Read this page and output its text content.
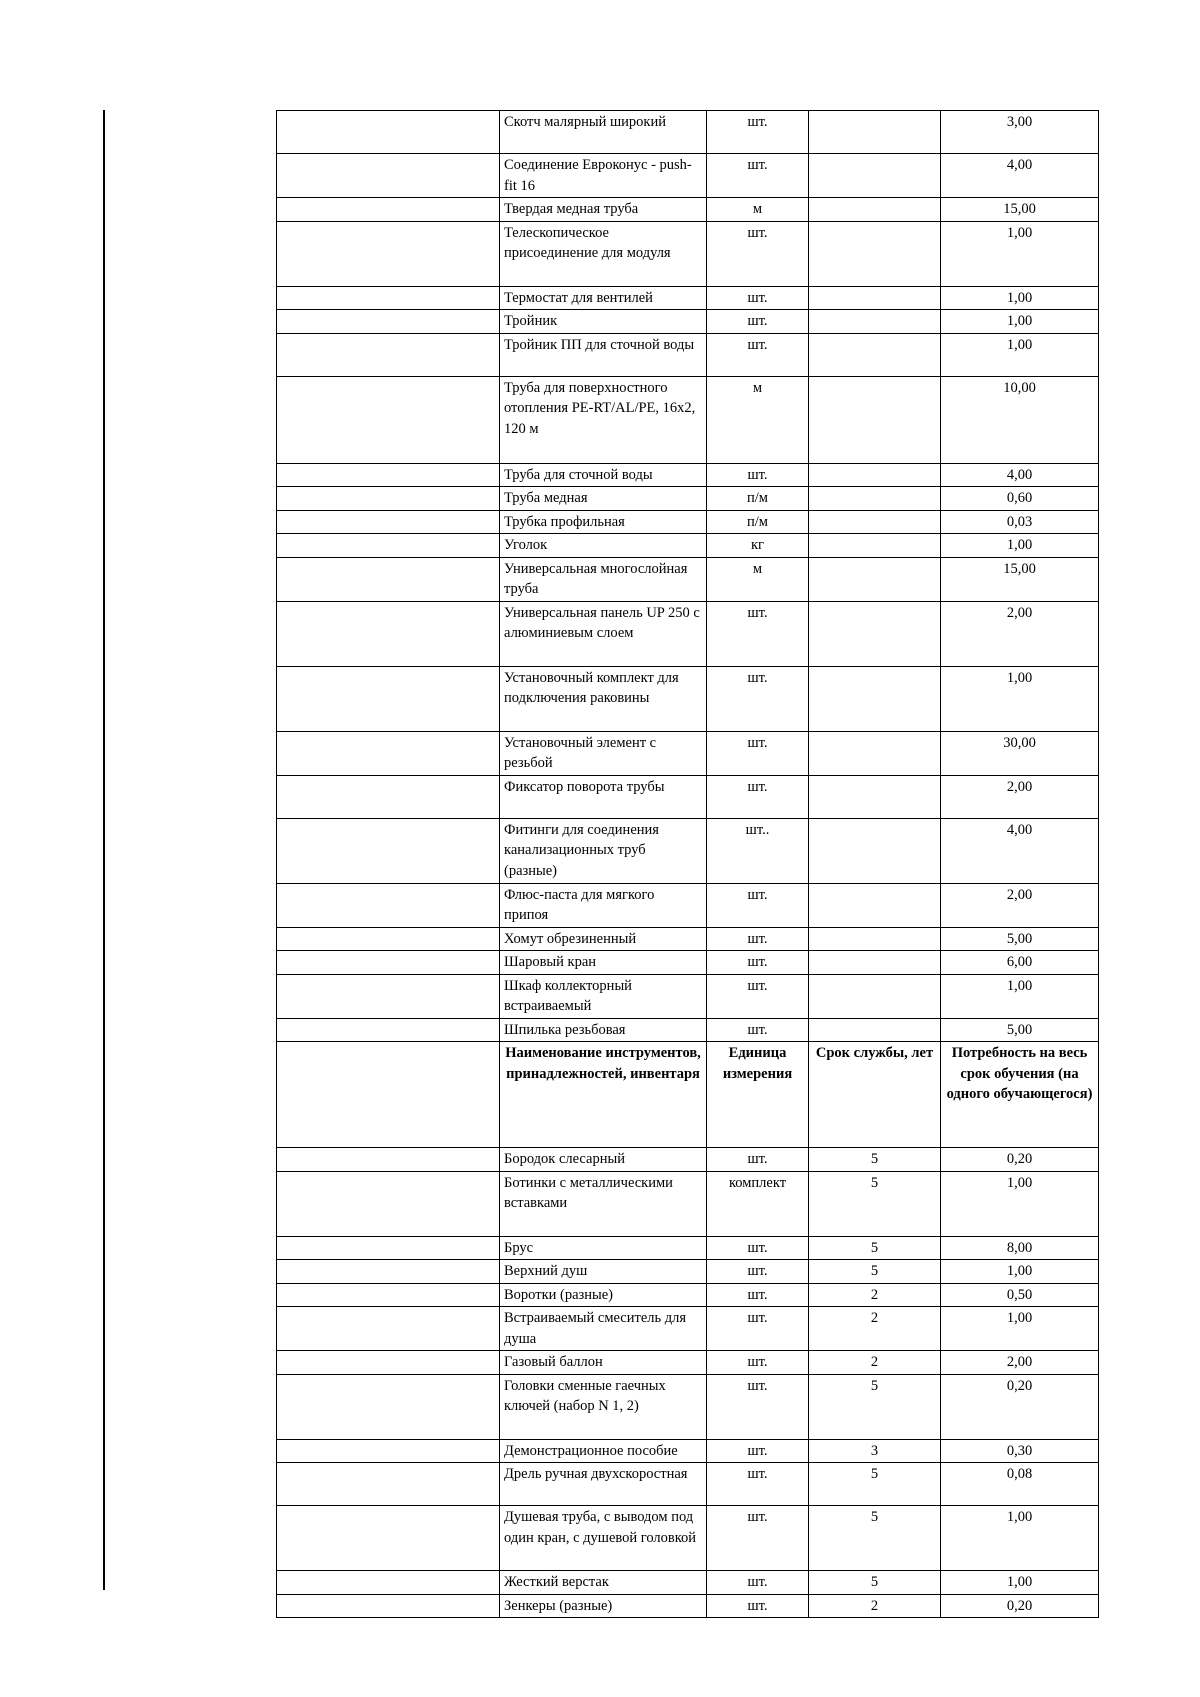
	Скотч малярный широкий	шт.		3,00
	Соединение Евроконус - push-fit 16	шт.		4,00
	Твердая медная труба	м		15,00
	Телескопическое присоединение для модуля	шт.		1,00
	Термостат для вентилей	шт.		1,00
	Тройник	шт.		1,00
	Тройник ПП для сточной воды	шт.		1,00
	Труба для поверхностного отопления PE-RT/AL/PE, 16x2, 120 м	м		10,00
	Труба для сточной воды	шт.		4,00
	Труба медная	п/м		0,60
	Трубка профильная	п/м		0,03
	Уголок	кг		1,00
	Универсальная многослойная труба	м		15,00
	Универсальная панель UP 250 с алюминиевым слоем	шт.		2,00
	Установочный комплект для подключения раковины	шт.		1,00
	Установочный элемент с резьбой	шт.		30,00
	Фиксатор поворота трубы	шт.		2,00
	Фитинги для соединения канализационных труб (разные)	шт..		4,00
	Флюс-паста для мягкого припоя	шт.		2,00
	Хомут обрезиненный	шт.		5,00
	Шаровый кран	шт.		6,00
	Шкаф коллекторный встраиваемый	шт.		1,00
	Шпилька резьбовая	шт.		5,00
	Наименование инструментов, принадлежностей, инвентаря	Единица измерения	Срок службы, лет	Потребность на весь срок обучения (на одного обучающегося)
	Бородок слесарный	шт.	5	0,20
	Ботинки с металлическими вставками	комплект	5	1,00
	Брус	шт.	5	8,00
	Верхний душ	шт.	5	1,00
	Воротки (разные)	шт.	2	0,50
	Встраиваемый смеситель для душа	шт.	2	1,00
	Газовый баллон	шт.	2	2,00
	Головки сменные гаечных ключей (набор N 1, 2)	шт.	5	0,20
	Демонстрационное пособие	шт.	3	0,30
	Дрель ручная двухскоростная	шт.	5	0,08
	Душевая труба, с выводом под один кран, с душевой головкой	шт.	5	1,00
	Жесткий верстак	шт.	5	1,00
	Зенкеры (разные)	шт.	2	0,20
